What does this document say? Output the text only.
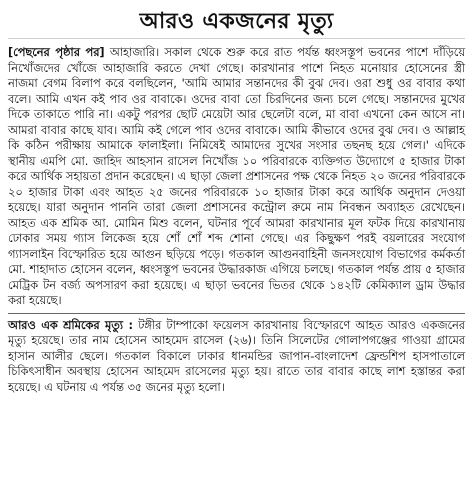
আরও একজনের মৃত্যু

[পেছনের পৃষ্ঠার পর] আহাজারি। সকাল থেকে শুরু করে রাত পর্যন্ত ধ্বংসস্তূপ ভবনের পাশে দাঁড়িয়ে নিখোঁজদের খোঁজে আহাজারি করতে দেখা গেছে। কারখানার পাশে নিহত মনোয়ার হোসেনের স্ত্রী নাজমা বেগম বিলাপ করে বলছিলেন, 'আমি আমার সন্তানদের কী বুঝ দেব। ওরা শুধু ওর বাবার কথা বলে। আমি এখন কই পাব ওর বাবাকে। ওদের বাবা তো চিরদিনের জন্য চলে গেছে। সন্তানদের মুখের দিকে তাকাতে পারি না। একটু পরপর ছোট মেয়েটা আর ছেলেটা বলে, মা বাবা এখনো কেন আসে না। আমরা বাবার কাছে যাব। আমি কই গেলে পাব ওদের বাবাকে। আমি কীভাবে ওদের বুঝ দেব। ও আল্লাহ কি কঠিন পরীক্ষায় আমাকে ফালাইলা। নিমিষেই আমাদের সুখের সংসার তছনছ হয়ে গেল।' এদিকে স্থানীয় এমপি মো. জাহিদ আহসান রাসেল নিখোঁজ ১০ পরিবারকে ব্যক্তিগত উদ্যোগে ৫ হাজার টাকা করে আর্থিক সহায়তা প্রদান করেছেন। এ ছাড়া জেলা প্রশাসনের পক্ষ থেকে নিহত ২০ জনের পরিবারকে ২০ হাজার টাকা এবং আহত ২৫ জনের পরিবারকে ১০ হাজার টাকা করে আর্থিক অনুদান দেওয়া হয়েছে। যারা অনুদান পাননি তারা জেলা প্রশাসনের কন্ট্রোল রুমে নাম নিবন্ধন অব্যাহত রেখেছেন। আহত এক শ্রমিক আ. মোমিন মিশু বলেন, ঘটনার পূর্বে আমরা কারখানার মূল ফটক দিয়ে কারখানায় ঢোকার সময় গ্যাস লিকেজ হয়ে শোঁ শোঁ শব্দ শোনা গেছে। এর কিছুক্ষণ পরই বয়লারের সংযোগ গ্যাসলাইন বিস্ফোরিত হয়ে আগুন ছড়িয়ে পড়ে। গতকাল আগুনবাহিনী জনসংযোগ বিভাগের কর্মকর্তা মো. শাহাদাত হোসেন বলেন, ধ্বংসস্তূপ ভবনের উদ্ধারকাজ এগিয়ে চলছে। গতকাল পর্যন্ত প্রায় ৫ হাজার মেট্রিক টন বর্জ্য অপসারণ করা হয়েছে। এ ছাড়া ভবনের ভিতর থেকে ১৪২টি কেমিক্যাল ড্রাম উদ্ধার করা হয়েছে।

আরও এক শ্রমিকের মৃত্যু : টঙ্গীর টাম্পাকো ফয়েলস কারখানায় বিস্ফোরণে আহত আরও একজনের মৃত্যু হয়েছে। তার নাম হোসেন আহমেদ রাসেল (২৬)। তিনি সিলেটের গোলাপগঞ্জের গাওয়া গ্রামের হাসান আলীর ছেলে। গতকাল বিকালে ঢাকার ধানমন্ডির জাপান-বাংলাদেশ ফ্রেন্ডশিপ হাসপাতালে চিকিৎসাধীন অবস্থায় হোসেন আহমেদ রাসেলের মৃত্যু হয়। রাতে তার বাবার কাছে লাশ হস্তান্তর করা হয়েছে। এ ঘটনায় এ পর্যন্ত ৩৫ জনের মৃত্যু হলো।
